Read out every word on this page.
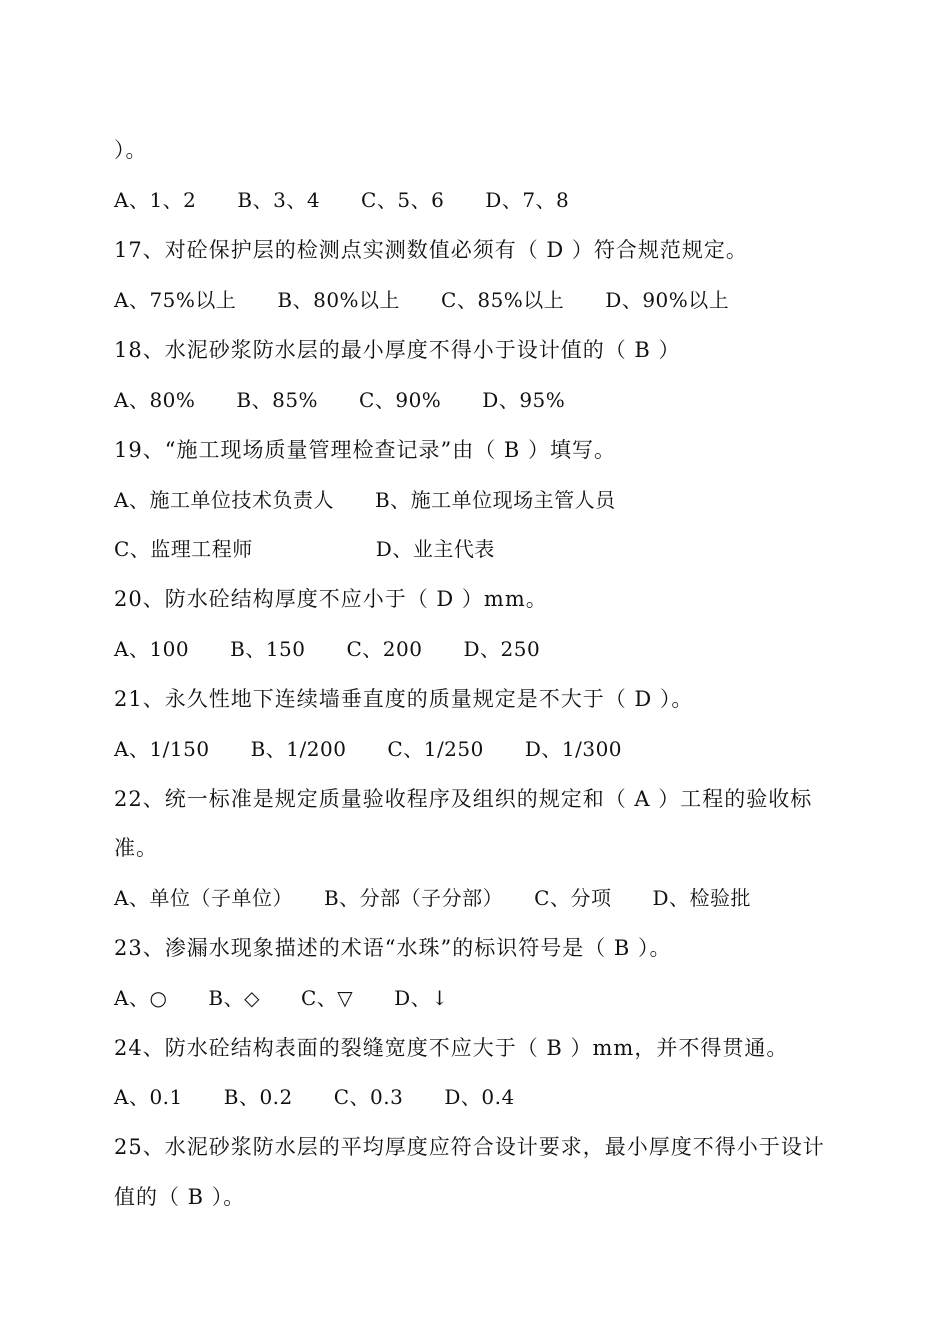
）。
A、1、2　　B、3、4　　C、5、6　　D、7、8
17、对砼保护层的检测点实测数值必须有（ D ）符合规范规定。
A、75%以上　　B、80%以上　　C、85%以上　　D、90%以上
18、水泥砂浆防水层的最小厚度不得小于设计值的（ B ）
A、80%　　B、85%　　C、90%　　D、95%
19、“施工现场质量管理检查记录”由（ B ）填写。
A、施工单位技术负责人　　B、施工单位现场主管人员
C、监理工程师　　　　　　D、业主代表
20、防水砼结构厚度不应小于（ D ）mm。
A、100　　B、150　　C、200　　D、250
21、永久性地下连续墙垂直度的质量规定是不大于（ D ）。
A、1/150　　B、1/200　　C、1/250　　D、1/300
22、统一标准是规定质量验收程序及组织的规定和（ A ）工程的验收标
准。
A、单位（子单位）　　B、分部（子分部）　　C、分项　　D、检验批
23、渗漏水现象描述的术语“水珠”的标识符号是（ B ）。
A、○　　B、◇　　C、▽　　D、↓
24、防水砼结构表面的裂缝宽度不应大于（ B ）mm，并不得贯通。
A、0.1　　B、0.2　　C、0.3　　D、0.4
25、水泥砂浆防水层的平均厚度应符合设计要求，最小厚度不得小于设计
值的（ B ）。
